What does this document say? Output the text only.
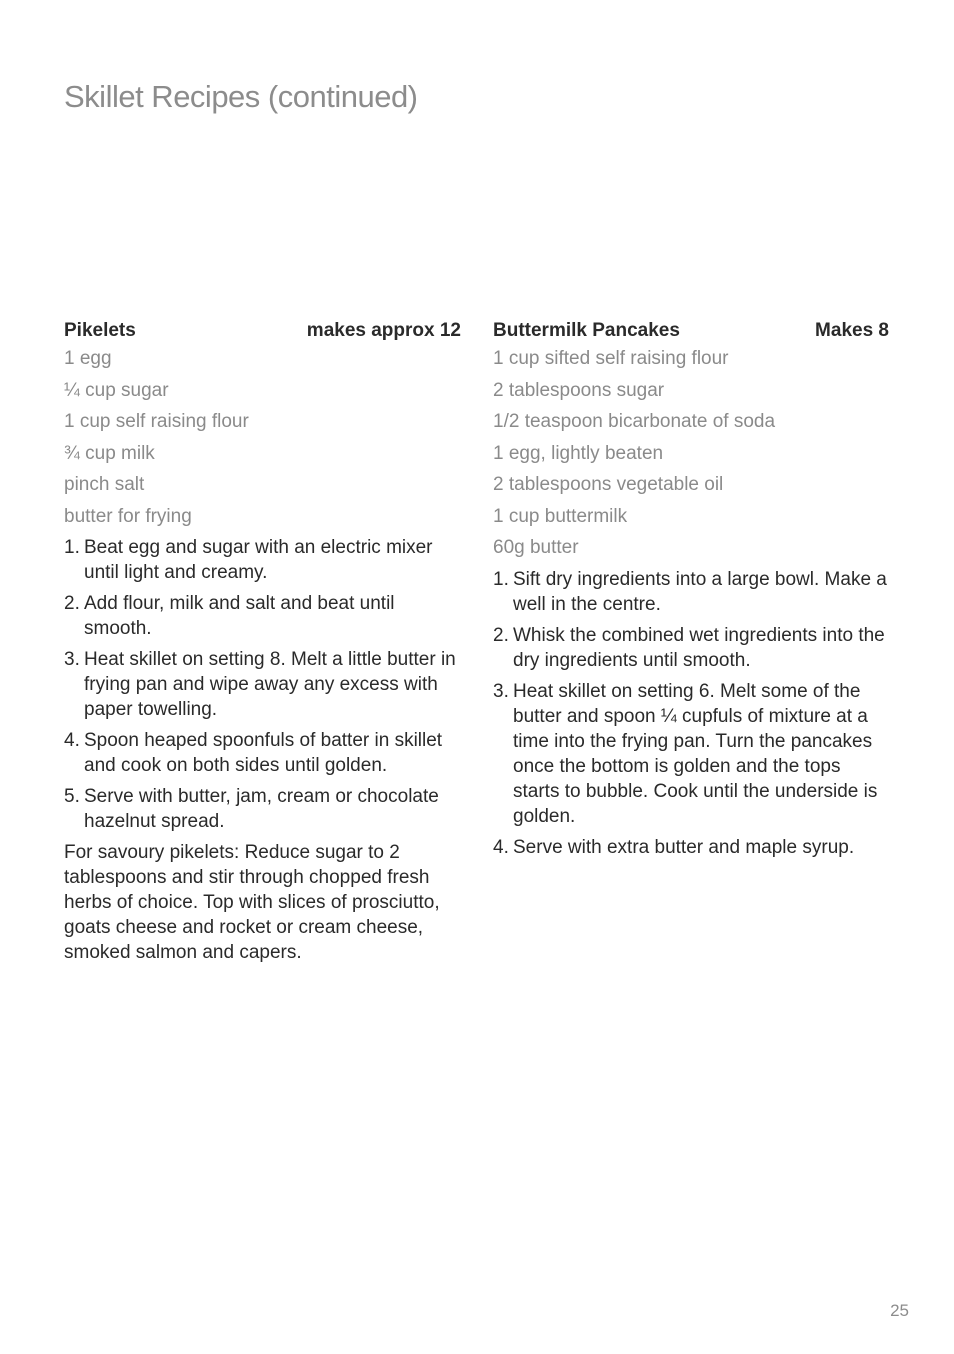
Skillet Recipes (continued)
Pikelets	makes approx 12
1 egg
¼ cup sugar
1 cup self raising flour
¾ cup milk
pinch salt
butter for frying
1. Beat egg and sugar with an electric mixer until light and creamy.
2. Add flour, milk and salt and beat until smooth.
3. Heat skillet on setting 8. Melt a little butter in frying pan and wipe away any excess with paper towelling.
4. Spoon heaped spoonfuls of batter in skillet and cook on both sides until golden.
5. Serve with butter, jam, cream or chocolate hazelnut spread.

For savoury pikelets: Reduce sugar to 2 tablespoons and stir through chopped fresh herbs of choice. Top with slices of prosciutto, goats cheese and rocket or cream cheese, smoked salmon and capers.

Buttermilk Pancakes	Makes 8
1 cup sifted self raising flour
2 tablespoons sugar
1/2 teaspoon bicarbonate of soda
1 egg, lightly beaten
2 tablespoons vegetable oil
1 cup buttermilk
60g butter
1. Sift dry ingredients into a large bowl. Make a well in the centre.
2. Whisk the combined wet ingredients into the dry ingredients until smooth.
3. Heat skillet on setting 6. Melt some of the butter and spoon ¼ cupfuls of mixture at a time into the frying pan. Turn the pancakes once the bottom is golden and the tops starts to bubble. Cook until the underside is golden.
4. Serve with extra butter and maple syrup.
25
